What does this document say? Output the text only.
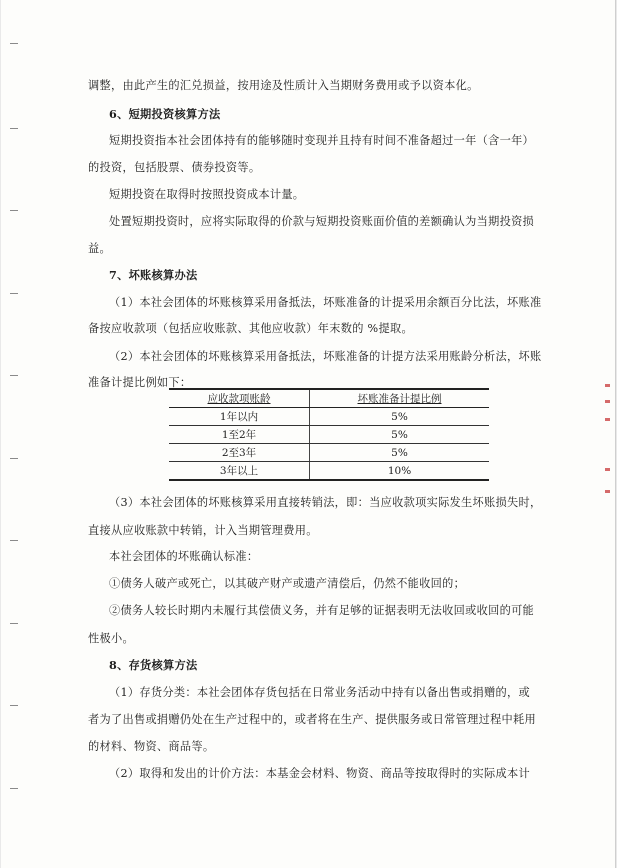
调整，由此产生的汇兑损益，按用途及性质计入当期财务费用或予以资本化。
6、短期投资核算方法
短期投资指本社会团体持有的能够随时变现并且持有时间不准备超过一年（含一年）
的投资，包括股票、债券投资等。
短期投资在取得时按照投资成本计量。
处置短期投资时，应将实际取得的价款与短期投资账面价值的差额确认为当期投资损
益。
7、坏账核算办法
（1）本社会团体的坏账核算采用备抵法，坏账准备的计提采用余额百分比法，坏账准
备按应收款项（包括应收账款、其他应收款）年末数的 %提取。
（2）本社会团体的坏账核算采用备抵法，坏账准备的计提方法采用账龄分析法，坏账
准备计提比例如下：
应收款项账龄	坏账准备计提比例
1年以内	5%
1至2年	5%
2至3年	5%
3年以上	10%
（3）本社会团体的坏账核算采用直接转销法，即：当应收款项实际发生坏账损失时，
直接从应收账款中转销，计入当期管理费用。
本社会团体的坏账确认标准：
①债务人破产或死亡，以其破产财产或遗产清偿后，仍然不能收回的；
②债务人较长时期内未履行其偿债义务，并有足够的证据表明无法收回或收回的可能
性极小。
8、存货核算方法
（1）存货分类：本社会团体存货包括在日常业务活动中持有以备出售或捐赠的，或
者为了出售或捐赠仍处在生产过程中的，或者将在生产、提供服务或日常管理过程中耗用
的材料、物资、商品等。
（2）取得和发出的计价方法：本基金会材料、物资、商品等按取得时的实际成本计
